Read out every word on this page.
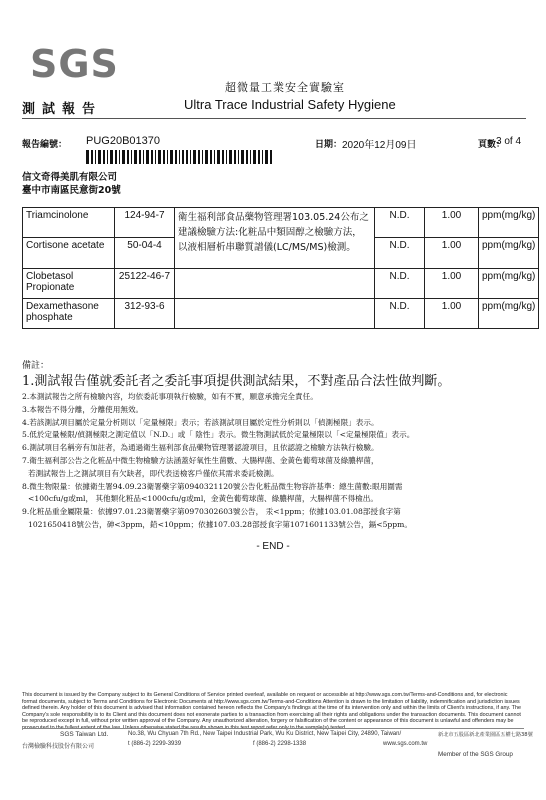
SGS
測試報告
超微量工業安全實驗室
Ultra Trace Industrial Safety Hygiene
報告編號： PUG20B01370	日期： 2020年12月09日	頁數：
3 of 4
信文奇得美肌有限公司
臺中市南區民意街20號
Triamcinolone	124-94-7	衛生福利部食品藥物管理署103.05.24公布之建議檢驗方法:化粧品中類固醇之檢驗方法，以液相層析串聯質譜儀(LC/MS/MS)檢測。	N.D.	1.00	ppm(mg/kg)
Cortisone acetate	50-04-4		N.D.	1.00	ppm(mg/kg)
Clobetasol Propionate	25122-46-7		N.D.	1.00	ppm(mg/kg)
Dexamethasone phosphate	312-93-6		N.D.	1.00	ppm(mg/kg)
備註：
1.測試報告僅就委託者之委託事項提供測試結果，不對產品合法性做判斷。
2.本測試報告之所有檢驗內容，均依委託事項執行檢驗，如有不實，願意承擔完全責任。
3.本報告不得分離，分離使用無效。
4.若該測試項目屬於定量分析則以「定量極限」表示；若該測試項目屬於定性分析則以「偵測極限」表示。
5.低於定量極限/偵測極限之測定值以「N.D.」或「 陰性」表示。微生物測試低於定量極限以「<定量極限值」表示。
6.測試項目名稱旁有加註者，為通過衛生福利部食品藥物管理署認證項目，且依認證之檢驗方法執行檢驗。
7.衛生福利部公告之化粧品中微生物檢驗方法涵蓋好氧性生菌數、大腸桿菌、金黃色葡萄球菌及綠膿桿菌，
若測試報告上之測試項目有欠缺者，即代表送檢客戶僅依其需求委託檢測。
8.微生物限量：依據衛生署94.09.23衛署藥字第0940321120號公告化粧品微生物容許基準：總生菌數:眼用圍需
<100cfu/g或ml， 其他類化粧品<1000cfu/g或ml，金黃色葡萄球菌、綠膿桿菌，大腸桿菌不得檢出。
9.化粧品重金屬限量：依據97.01.23衛署藥字第0970302603號公告， 汞<1ppm；依據103.01.08部授食字第
1021650418號公告，砷<3ppm，鉛<10ppm；依據107.03.28部授食字第1071601133號公告，鎘<5ppm。
- END -
This document is issued by the Company subject to its General Conditions of Service printed overleaf, available on request or accessible at http://www.sgs.com.tw/Terms-and-Conditions and, for electronic format documents, subject to Terms and Conditions for Electronic Documents at http://www.sgs.com.tw/Terms-and-Conditions Attention is drawn to the limitation of liability, indemnification and jurisdiction issues defined therein. Any holder of this document is advised that information contained hereon reflects the Company's findings at the time of its intervention only and within the limits of Client's instructions, if any. The Company's sole responsibility is to its Client and this document does not exonerate parties to a transaction from exercising all their rights and obligations under the transaction documents. This document cannot be reproduced except in full, without prior written approval of the Company. Any unauthorized alteration, forgery or falsification of the content or appearance of this document is unlawful and offenders may be
SGS Taiwan Ltd.	No.38, Wu Chyuan 7th Rd., New Taipei Industrial Park, Wu Ku District, New Taipei City, 24890, Taiwan/	新北市五股區新北產業園區五權七路38號
台灣檢驗科技股份有限公司	t (886-2) 2299-3939	f (886-2) 2298-1338	www.sgs.com.tw
Member of the SGS Group
